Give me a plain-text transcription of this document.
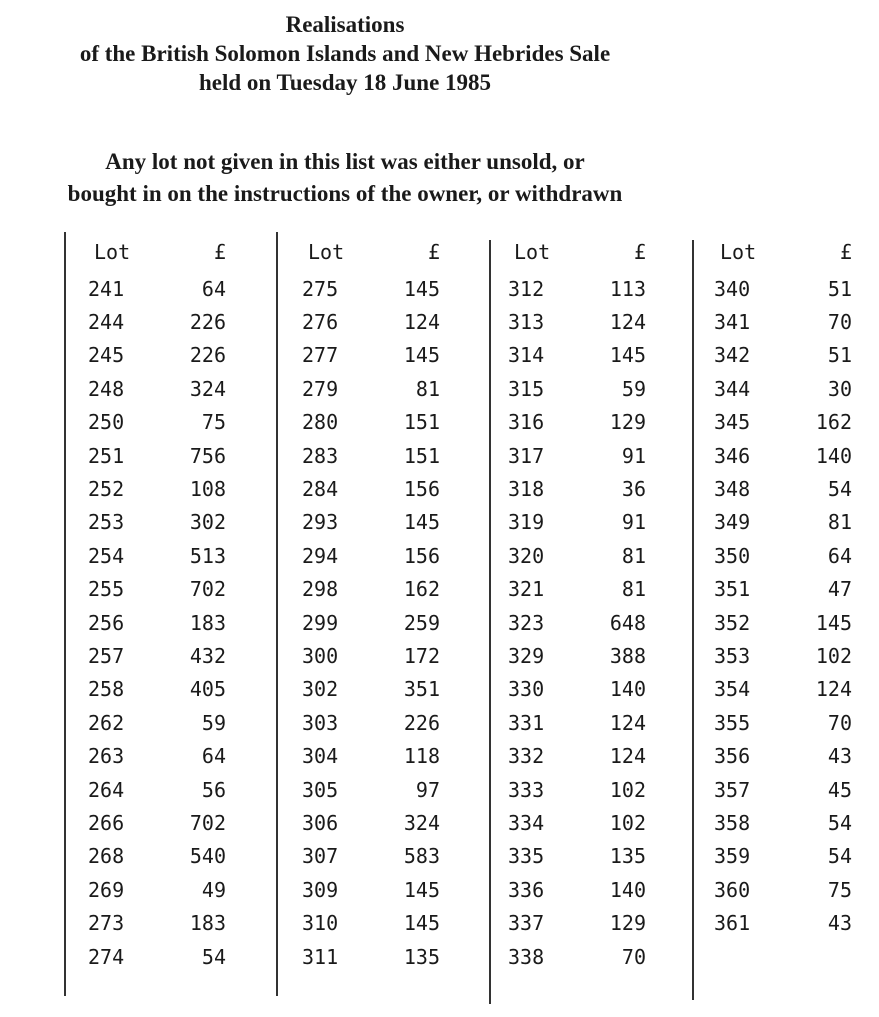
Realisations
of the British Solomon Islands and New Hebrides Sale
held on Tuesday 18 June 1985
Any lot not given in this list was either unsold, or
bought in on the instructions of the owner, or withdrawn
Lot	£
241	64
244	226
245	226
248	324
250	75
251	756
252	108
253	302
254	513
255	702
256	183
257	432
258	405
262	59
263	64
264	56
266	702
268	540
269	49
273	183
274	54
Lot	£
275	145
276	124
277	145
279	81
280	151
283	151
284	156
293	145
294	156
298	162
299	259
300	172
302	351
303	226
304	118
305	97
306	324
307	583
309	145
310	145
311	135
Lot	£
312	113
313	124
314	145
315	59
316	129
317	91
318	36
319	91
320	81
321	81
323	648
329	388
330	140
331	124
332	124
333	102
334	102
335	135
336	140
337	129
338	70
Lot	£
340	51
341	70
342	51
344	30
345	162
346	140
348	54
349	81
350	64
351	47
352	145
353	102
354	124
355	70
356	43
357	45
358	54
359	54
360	75
361	43
